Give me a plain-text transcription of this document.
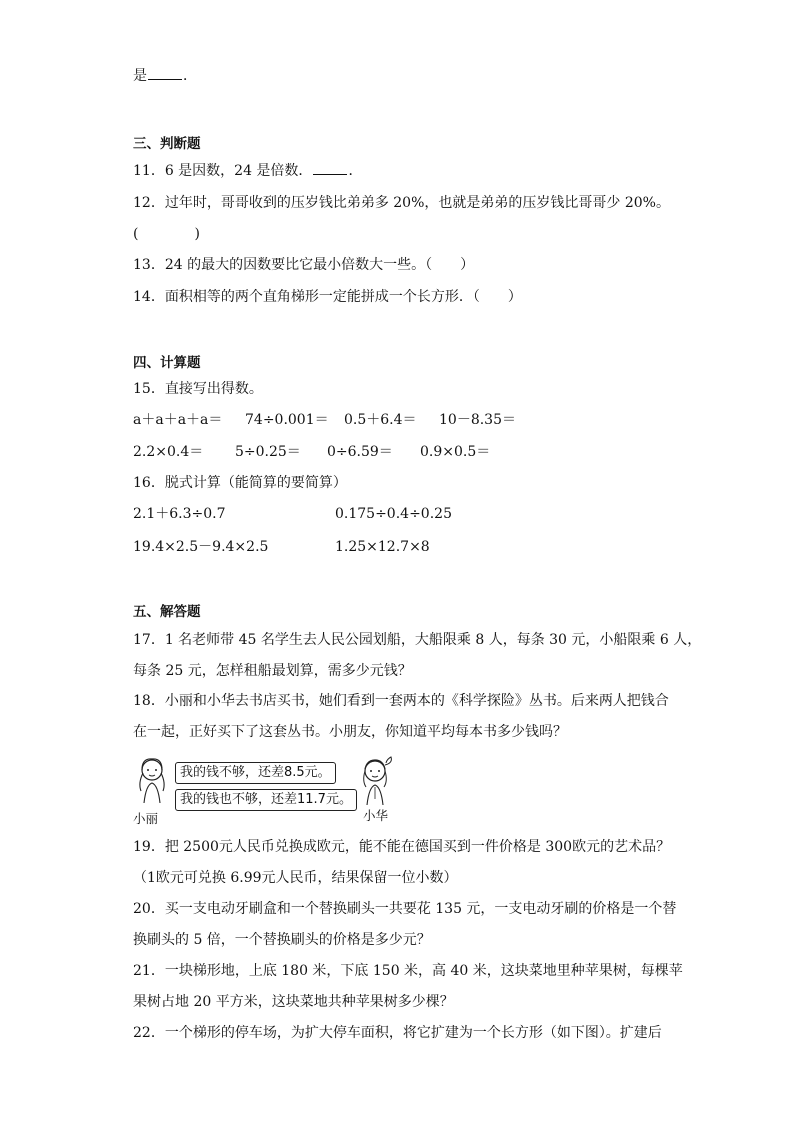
是	．
三、判断题
11．6 是因数，24 是倍数．	．
12．过年时，哥哥收到的压岁钱比弟弟多 20%，也就是弟弟的压岁钱比哥哥少 20%。
(　　　　)
13．24 的最大的因数要比它最小倍数大一些。（　　）
14．面积相等的两个直角梯形一定能拼成一个长方形．（　　）
四、计算题
15．直接写出得数。
a＋a＋a＋a＝ 74÷0.001＝ 0.5＋6.4＝ 10－8.35＝
2.2×0.4＝ 5÷0.25＝ 0÷6.59＝ 0.9×0.5＝
16．脱式计算（能简算的要简算）
2.1＋6.3÷0.7	0.175÷0.4÷0.25
19.4×2.5－9.4×2.5	1.25×12.7×8
五、解答题
17．1 名老师带 45 名学生去人民公园划船，大船限乘 8 人，每条 30 元，小船限乘 6 人，
每条 25 元，怎样租船最划算，需多少元钱？
18．小丽和小华去书店买书，她们看到一套两本的《科学探险》丛书。后来两人把钱合
在一起，正好买下了这套丛书。小朋友，你知道平均每本书多少钱吗？
我的钱不够，还差8.5元。
我的钱也不够，还差11.7元。
小丽	小华
19．把 2500元人民币兑换成欧元，能不能在德国买到一件价格是 300欧元的艺术品？
（1欧元可兑换 6.99元人民币，结果保留一位小数）
20．买一支电动牙刷盒和一个替换刷头一共要花 135 元，一支电动牙刷的价格是一个替
换刷头的 5 倍，一个替换刷头的价格是多少元？
21．一块梯形地，上底 180 米，下底 150 米，高 40 米，这块菜地里种苹果树，每棵苹
果树占地 20 平方米，这块菜地共种苹果树多少棵？
22．一个梯形的停车场，为扩大停车面积，将它扩建为一个长方形（如下图）。扩建后
